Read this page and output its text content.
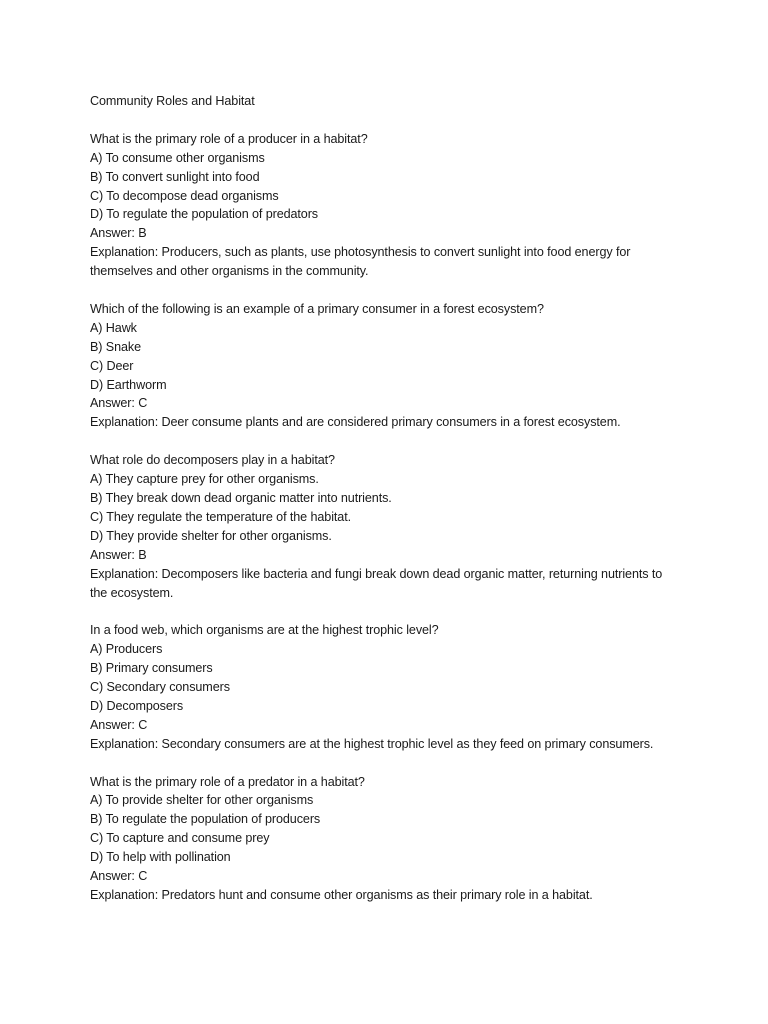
Community Roles and Habitat
What is the primary role of a producer in a habitat?
A) To consume other organisms
B) To convert sunlight into food
C) To decompose dead organisms
D) To regulate the population of predators
Answer: B
Explanation: Producers, such as plants, use photosynthesis to convert sunlight into food energy for themselves and other organisms in the community.
Which of the following is an example of a primary consumer in a forest ecosystem?
A) Hawk
B) Snake
C) Deer
D) Earthworm
Answer: C
Explanation: Deer consume plants and are considered primary consumers in a forest ecosystem.
What role do decomposers play in a habitat?
A) They capture prey for other organisms.
B) They break down dead organic matter into nutrients.
C) They regulate the temperature of the habitat.
D) They provide shelter for other organisms.
Answer: B
Explanation: Decomposers like bacteria and fungi break down dead organic matter, returning nutrients to the ecosystem.
In a food web, which organisms are at the highest trophic level?
A) Producers
B) Primary consumers
C) Secondary consumers
D) Decomposers
Answer: C
Explanation: Secondary consumers are at the highest trophic level as they feed on primary consumers.
What is the primary role of a predator in a habitat?
A) To provide shelter for other organisms
B) To regulate the population of producers
C) To capture and consume prey
D) To help with pollination
Answer: C
Explanation: Predators hunt and consume other organisms as their primary role in a habitat.
